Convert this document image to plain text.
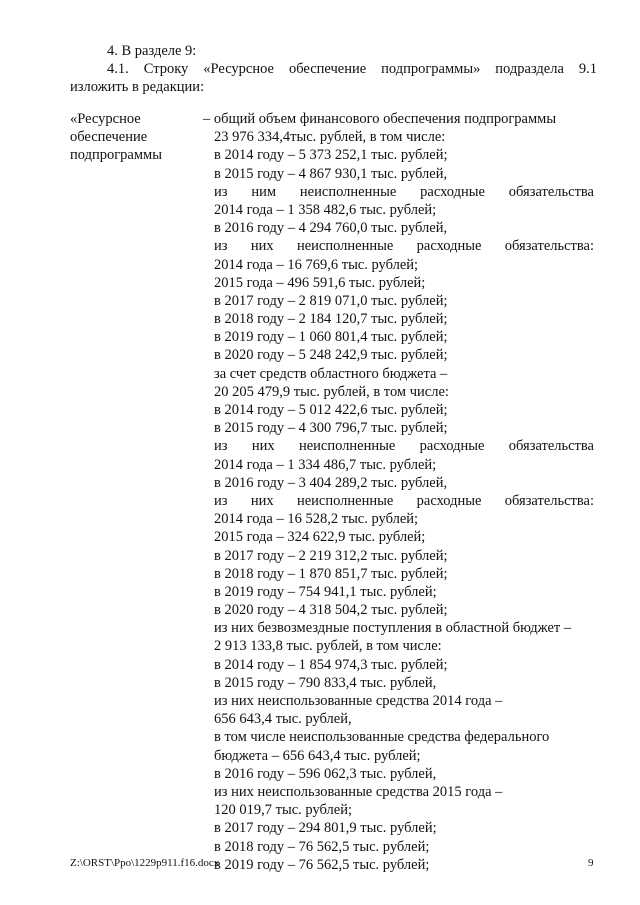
4. В разделе 9:
4.1. Строку «Ресурсное обеспечение подпрограммы» подраздела 9.1
изложить в редакции:
«Ресурсное
обеспечение
подпрограммы
– общий объем финансового обеспечения подпрограммы
23 976 334,4тыс. рублей, в том числе:
в 2014 году – 5 373 252,1 тыс. рублей;
в 2015 году – 4 867 930,1 тыс. рублей,
из ним неисполненные расходные обязательства
2014 года – 1 358 482,6 тыс. рублей;
в 2016 году – 4 294 760,0 тыс. рублей,
из них неисполненные расходные обязательства:
2014 года – 16 769,6 тыс. рублей;
2015 года – 496 591,6 тыс. рублей;
в 2017 году – 2 819 071,0 тыс. рублей;
в 2018 году – 2 184 120,7 тыс. рублей;
в 2019 году – 1 060 801,4 тыс. рублей;
в 2020 году – 5 248 242,9 тыс. рублей;
за счет средств областного бюджета –
20 205 479,9 тыс. рублей, в том числе:
в 2014 году – 5 012 422,6 тыс. рублей;
в 2015 году – 4 300 796,7 тыс. рублей;
из них неисполненные расходные обязательства
2014 года – 1 334 486,7 тыс. рублей;
в 2016 году – 3 404 289,2 тыс. рублей,
из них неисполненные расходные обязательства:
2014 года – 16 528,2 тыс. рублей;
2015 года – 324 622,9 тыс. рублей;
в 2017 году – 2 219 312,2 тыс. рублей;
в 2018 году – 1 870 851,7 тыс. рублей;
в 2019 году – 754 941,1 тыс. рублей;
в 2020 году – 4 318 504,2 тыс. рублей;
из них безвозмездные поступления в областной бюджет –
2 913 133,8 тыс. рублей, в том числе:
в 2014 году – 1 854 974,3 тыс. рублей;
в 2015 году – 790 833,4 тыс. рублей,
из них неиспользованные средства 2014 года –
656 643,4 тыс. рублей,
в том числе неиспользованные средства федерального
бюджета – 656 643,4 тыс. рублей;
в 2016 году – 596 062,3 тыс. рублей,
из них неиспользованные средства 2015 года –
120 019,7 тыс. рублей;
в 2017 году – 294 801,9 тыс. рублей;
в 2018 году – 76 562,5 тыс. рублей;
в 2019 году – 76 562,5 тыс. рублей;
Z:\ORST\Ppo\1229p911.f16.docx	9
